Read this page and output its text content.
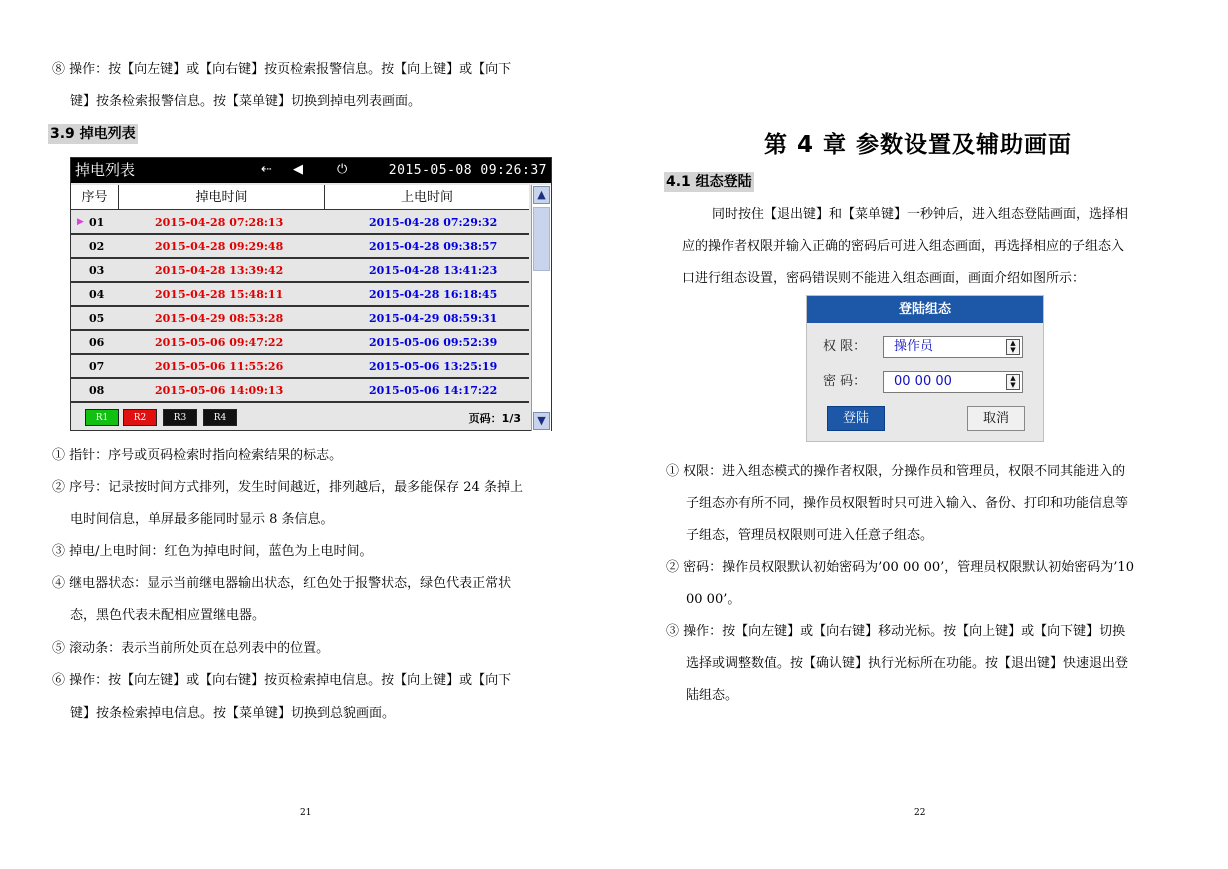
⑧ 操作：按【向左键】或【向右键】按页检索报警信息。按【向上键】或【向下
键】按条检索报警信息。按【菜单键】切换到掉电列表画面。
3.9 掉电列表
掉电列表	⇠ ◀	⏻	2015-05-08 09:26:37
序号	掉电时间	上电时间
▶ 01	2015-04-28 07:28:13	2015-04-28 07:29:32
02	2015-04-28 09:29:48	2015-04-28 09:38:57
03	2015-04-28 13:39:42	2015-04-28 13:41:23
04	2015-04-28 15:48:11	2015-04-28 16:18:45
05	2015-04-29 08:53:28	2015-04-29 08:59:31
06	2015-05-06 09:47:22	2015-05-06 09:52:39
07	2015-05-06 11:55:26	2015-05-06 13:25:19
08	2015-05-06 14:09:13	2015-05-06 14:17:22
R1	R2	R3	R4	页码：1/3
▲
▼
① 指针：序号或页码检索时指向检索结果的标志。
② 序号：记录按时间方式排列，发生时间越近，排列越后，最多能保存 24 条掉上
电时间信息，单屏最多能同时显示 8 条信息。
③ 掉电/上电时间：红色为掉电时间，蓝色为上电时间。
④ 继电器状态：显示当前继电器输出状态，红色处于报警状态，绿色代表正常状
态，黑色代表未配相应置继电器。
⑤ 滚动条：表示当前所处页在总列表中的位置。
⑥ 操作：按【向左键】或【向右键】按页检索掉电信息。按【向上键】或【向下
键】按条检索掉电信息。按【菜单键】切换到总貌画面。
21
第 4 章 参数设置及辅助画面
4.1 组态登陆
同时按住【退出键】和【菜单键】一秒钟后，进入组态登陆画面，选择相
应的操作者权限并输入正确的密码后可进入组态画面，再选择相应的子组态入
口进行组态设置，密码错误则不能进入组态画面，画面介绍如图所示：
登陆组态
权 限：	操作员	▲
▼
密 码：	00 00 00	▲
▼
登陆	取消
① 权限：进入组态模式的操作者权限，分操作员和管理员，权限不同其能进入的
子组态亦有所不同，操作员权限暂时只可进入输入、备份、打印和功能信息等
子组态，管理员权限则可进入任意子组态。
② 密码：操作员权限默认初始密码为’00 00 00’，管理员权限默认初始密码为’10
00 00’。
③ 操作：按【向左键】或【向右键】移动光标。按【向上键】或【向下键】切换
选择或调整数值。按【确认键】执行光标所在功能。按【退出键】快速退出登
陆组态。
22
